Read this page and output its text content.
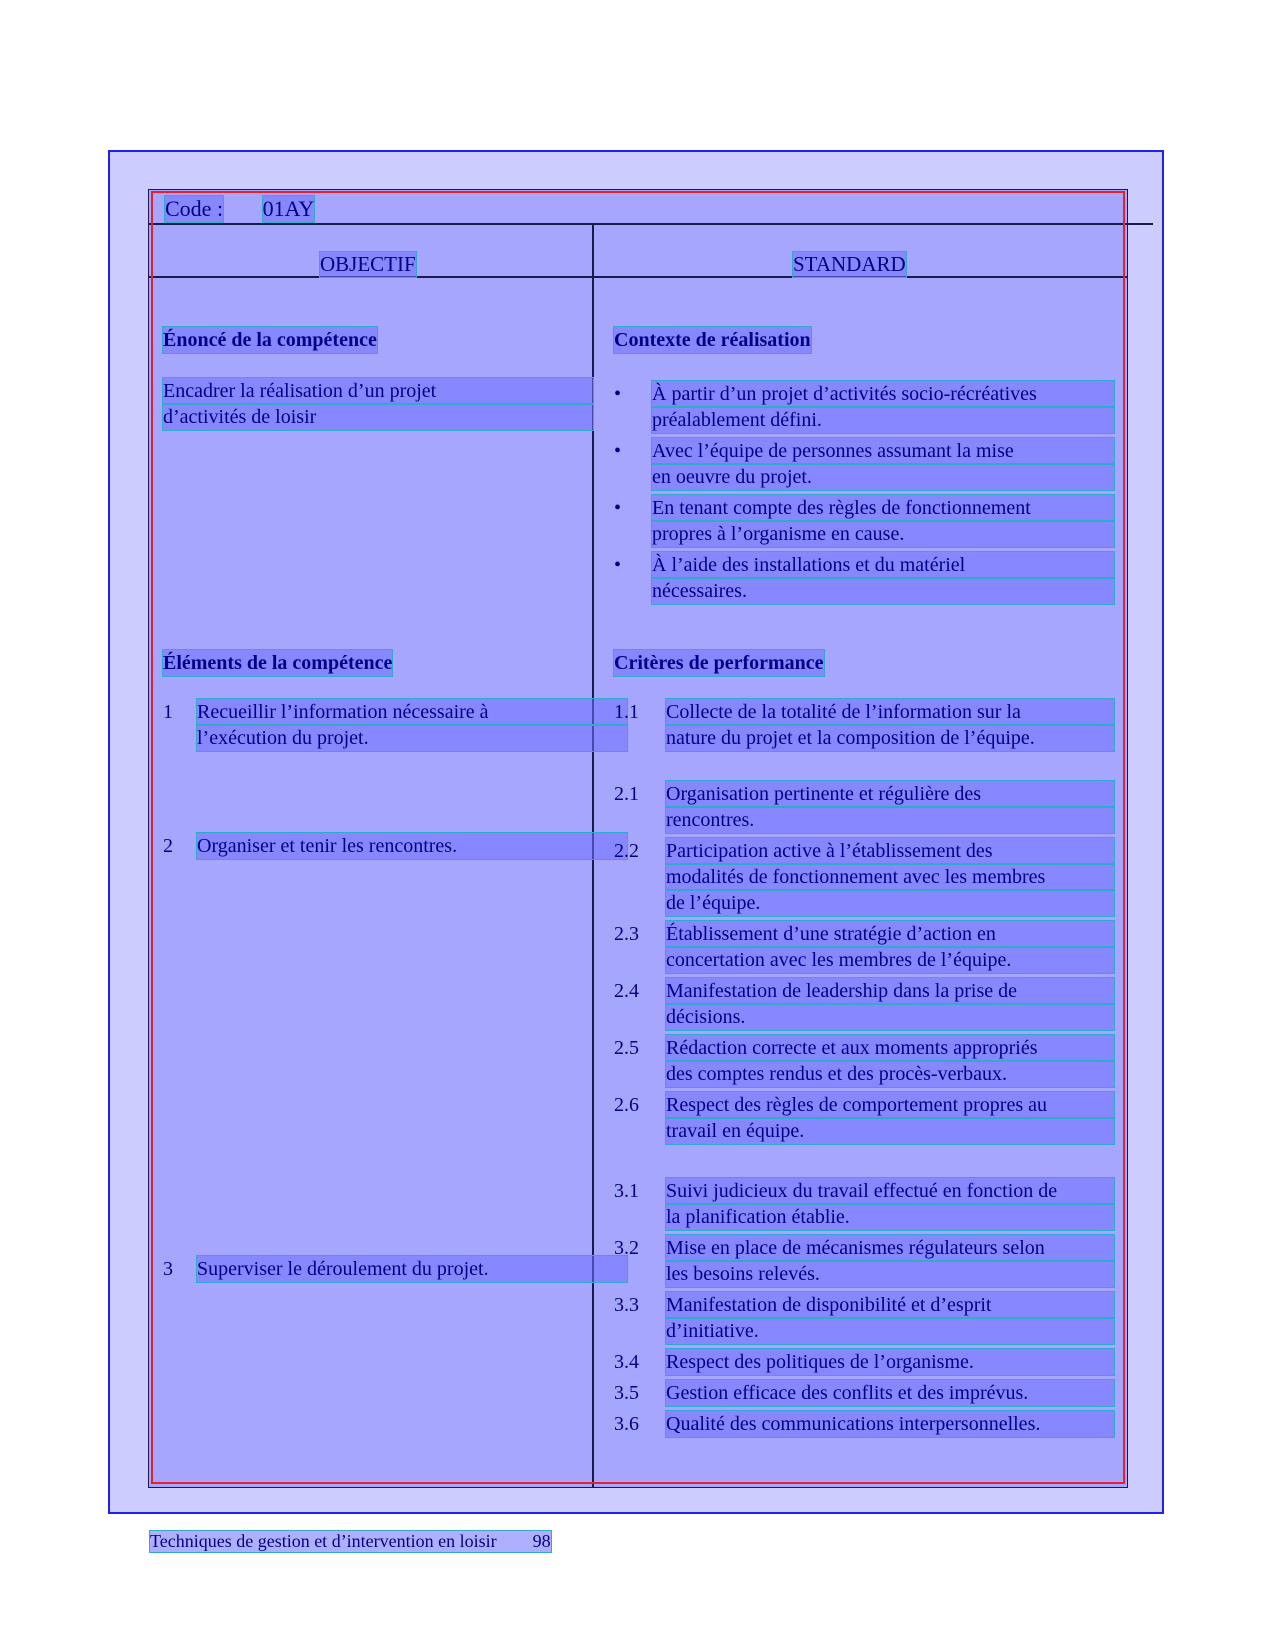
Code : 01AY
OBJECTIF	STANDARD
Énoncé de la compétence
Encadrer la réalisation d’un projet
d’activités de loisir
Éléments de la compétence
1 Recueillir l’information nécessaire à
l’exécution du projet.
2 Organiser et tenir les rencontres.
3 Superviser le déroulement du projet.
Contexte de réalisation
•	À partir d’un projet d’activités socio-récréatives
préalablement défini.
•	Avec l’équipe de personnes assumant la mise
en oeuvre du projet.
•	En tenant compte des règles de fonctionnement
propres à l’organisme en cause.
•	À l’aide des installations et du matériel
nécessaires.
Critères de performance
1.1	Collecte de la totalité de l’information sur la
nature du projet et la composition de l’équipe.
2.1	Organisation pertinente et régulière des
rencontres.
2.2	Participation active à l’établissement des
modalités de fonctionnement avec les membres
de l’équipe.
2.3	Établissement d’une stratégie d’action en
concertation avec les membres de l’équipe.
2.4	Manifestation de leadership dans la prise de
décisions.
2.5	Rédaction correcte et aux moments appropriés
des comptes rendus et des procès-verbaux.
2.6	Respect des règles de comportement propres au
travail en équipe.
3.1	Suivi judicieux du travail effectué en fonction de
la planification établie.
3.2	Mise en place de mécanismes régulateurs selon
les besoins relevés.
3.3	Manifestation de disponibilité et d’esprit
d’initiative.
3.4	Respect des politiques de l’organisme.
3.5	Gestion efficace des conflits et des imprévus.
3.6	Qualité des communications interpersonnelles.
Techniques de gestion et d’intervention en loisir 98
